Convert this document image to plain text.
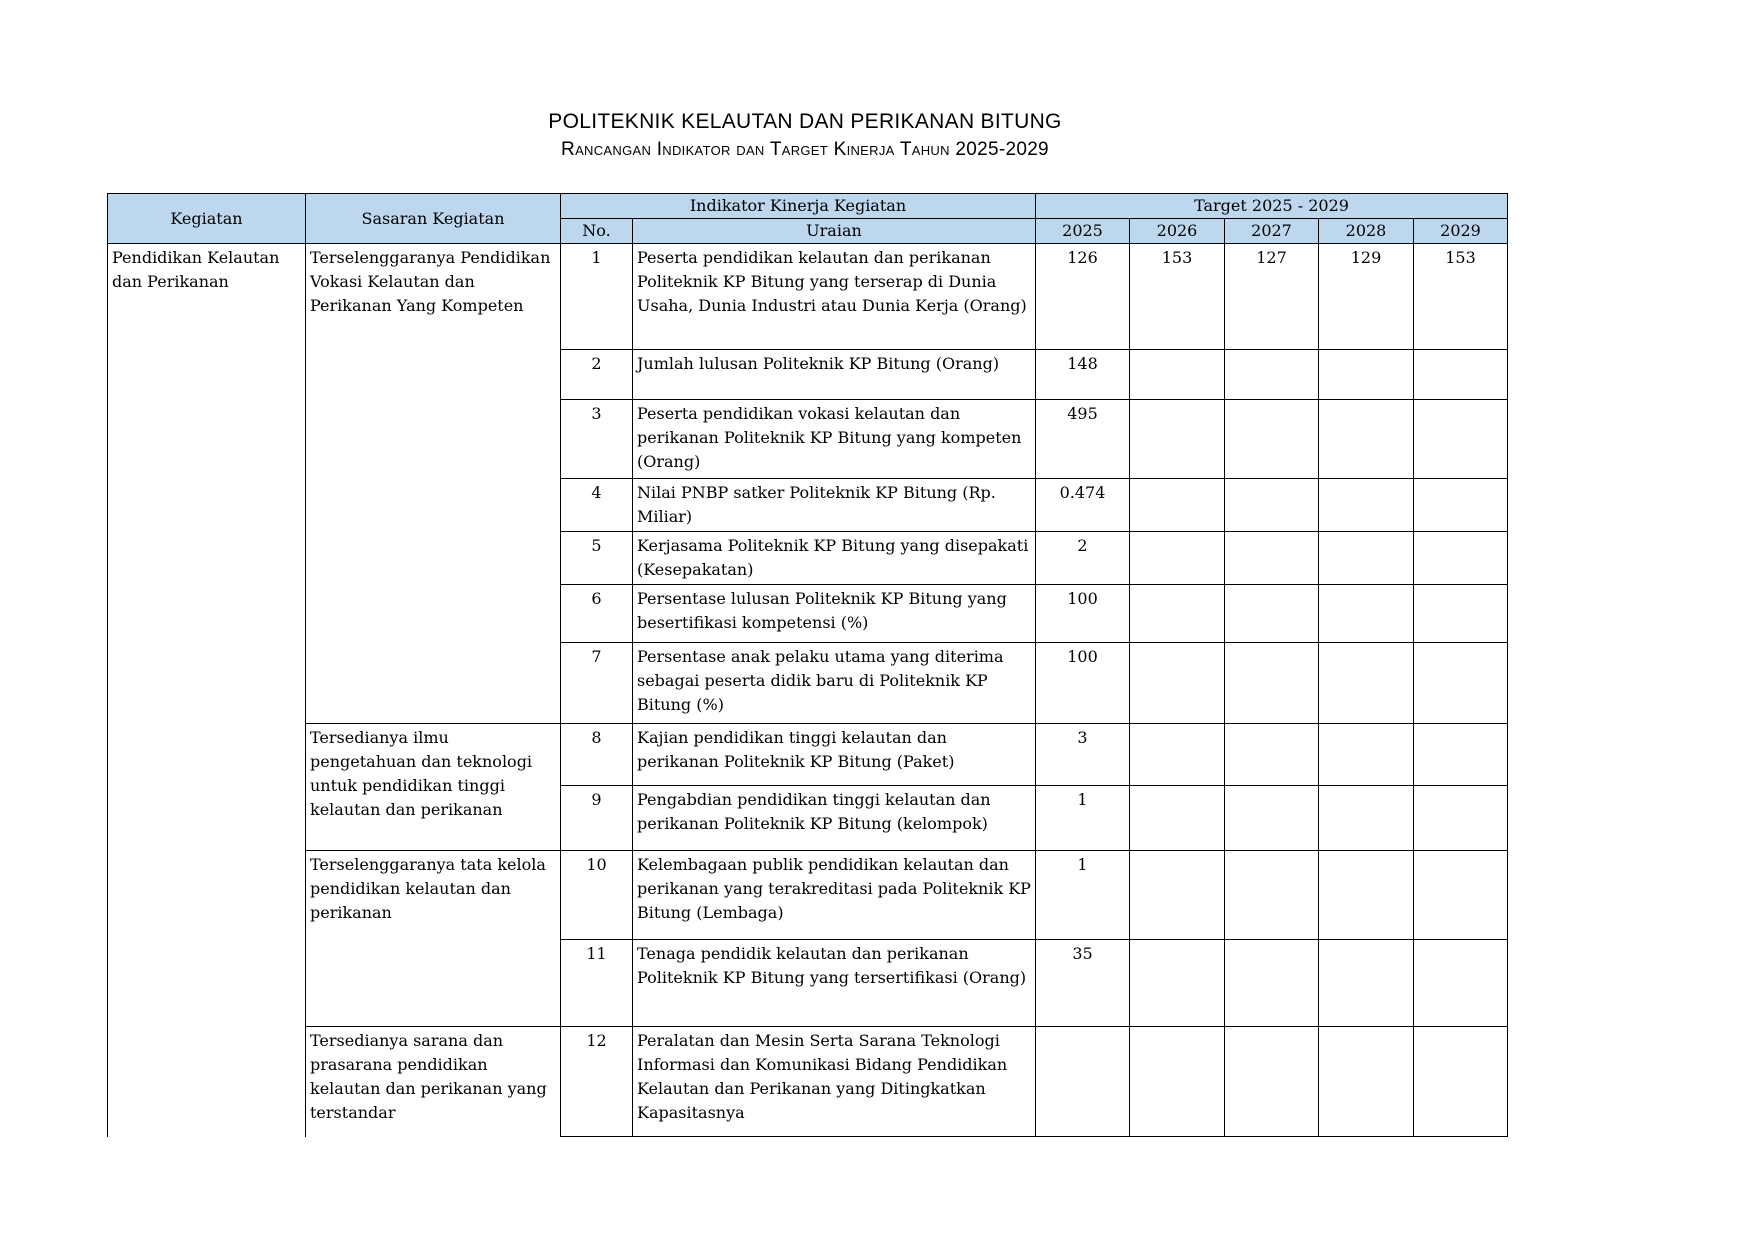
POLITEKNIK KELAUTAN DAN PERIKANAN BITUNG
Rancangan Indikator dan Target Kinerja Tahun 2025-2029
Kegiatan	Sasaran Kegiatan	Indikator Kinerja Kegiatan		Target 2025 - 2029				
		No.	Uraian	2025	2026	2027	2028	2029
Pendidikan Kelautan dan Perikanan	Terselenggaranya Pendidikan Vokasi Kelautan dan Perikanan Yang Kompeten	1	Peserta pendidikan kelautan dan perikanan Politeknik KP Bitung yang terserap di Dunia Usaha, Dunia Industri atau Dunia Kerja (Orang)	126	153	127	129	153
		2	Jumlah lulusan Politeknik KP Bitung (Orang)	148				
		3	Peserta pendidikan vokasi kelautan dan perikanan Politeknik KP Bitung yang kompeten (Orang)	495				
		4	Nilai PNBP satker Politeknik KP Bitung (Rp. Miliar)	0.474				
		5	Kerjasama Politeknik KP Bitung yang disepakati (Kesepakatan)	2				
		6	Persentase lulusan Politeknik KP Bitung yang besertifikasi kompetensi (%)	100				
		7	Persentase anak pelaku utama yang diterima sebagai peserta didik baru di Politeknik KP Bitung (%)	100				
	Tersedianya ilmu pengetahuan dan teknologi untuk pendidikan tinggi kelautan dan perikanan	8	Kajian pendidikan tinggi kelautan dan perikanan Politeknik KP Bitung (Paket)	3				
		9	Pengabdian pendidikan tinggi kelautan dan perikanan Politeknik KP Bitung (kelompok)	1				
	Terselenggaranya tata kelola pendidikan kelautan dan perikanan	10	Kelembagaan publik pendidikan kelautan dan perikanan yang terakreditasi pada Politeknik KP Bitung (Lembaga)	1				
		11	Tenaga pendidik kelautan dan perikanan Politeknik KP Bitung yang tersertifikasi (Orang)	35				
	Tersedianya sarana dan prasarana pendidikan kelautan dan perikanan yang terstandar	12	Peralatan dan Mesin Serta Sarana Teknologi Informasi dan Komunikasi Bidang Pendidikan Kelautan dan Perikanan yang Ditingkatkan Kapasitasnya					
